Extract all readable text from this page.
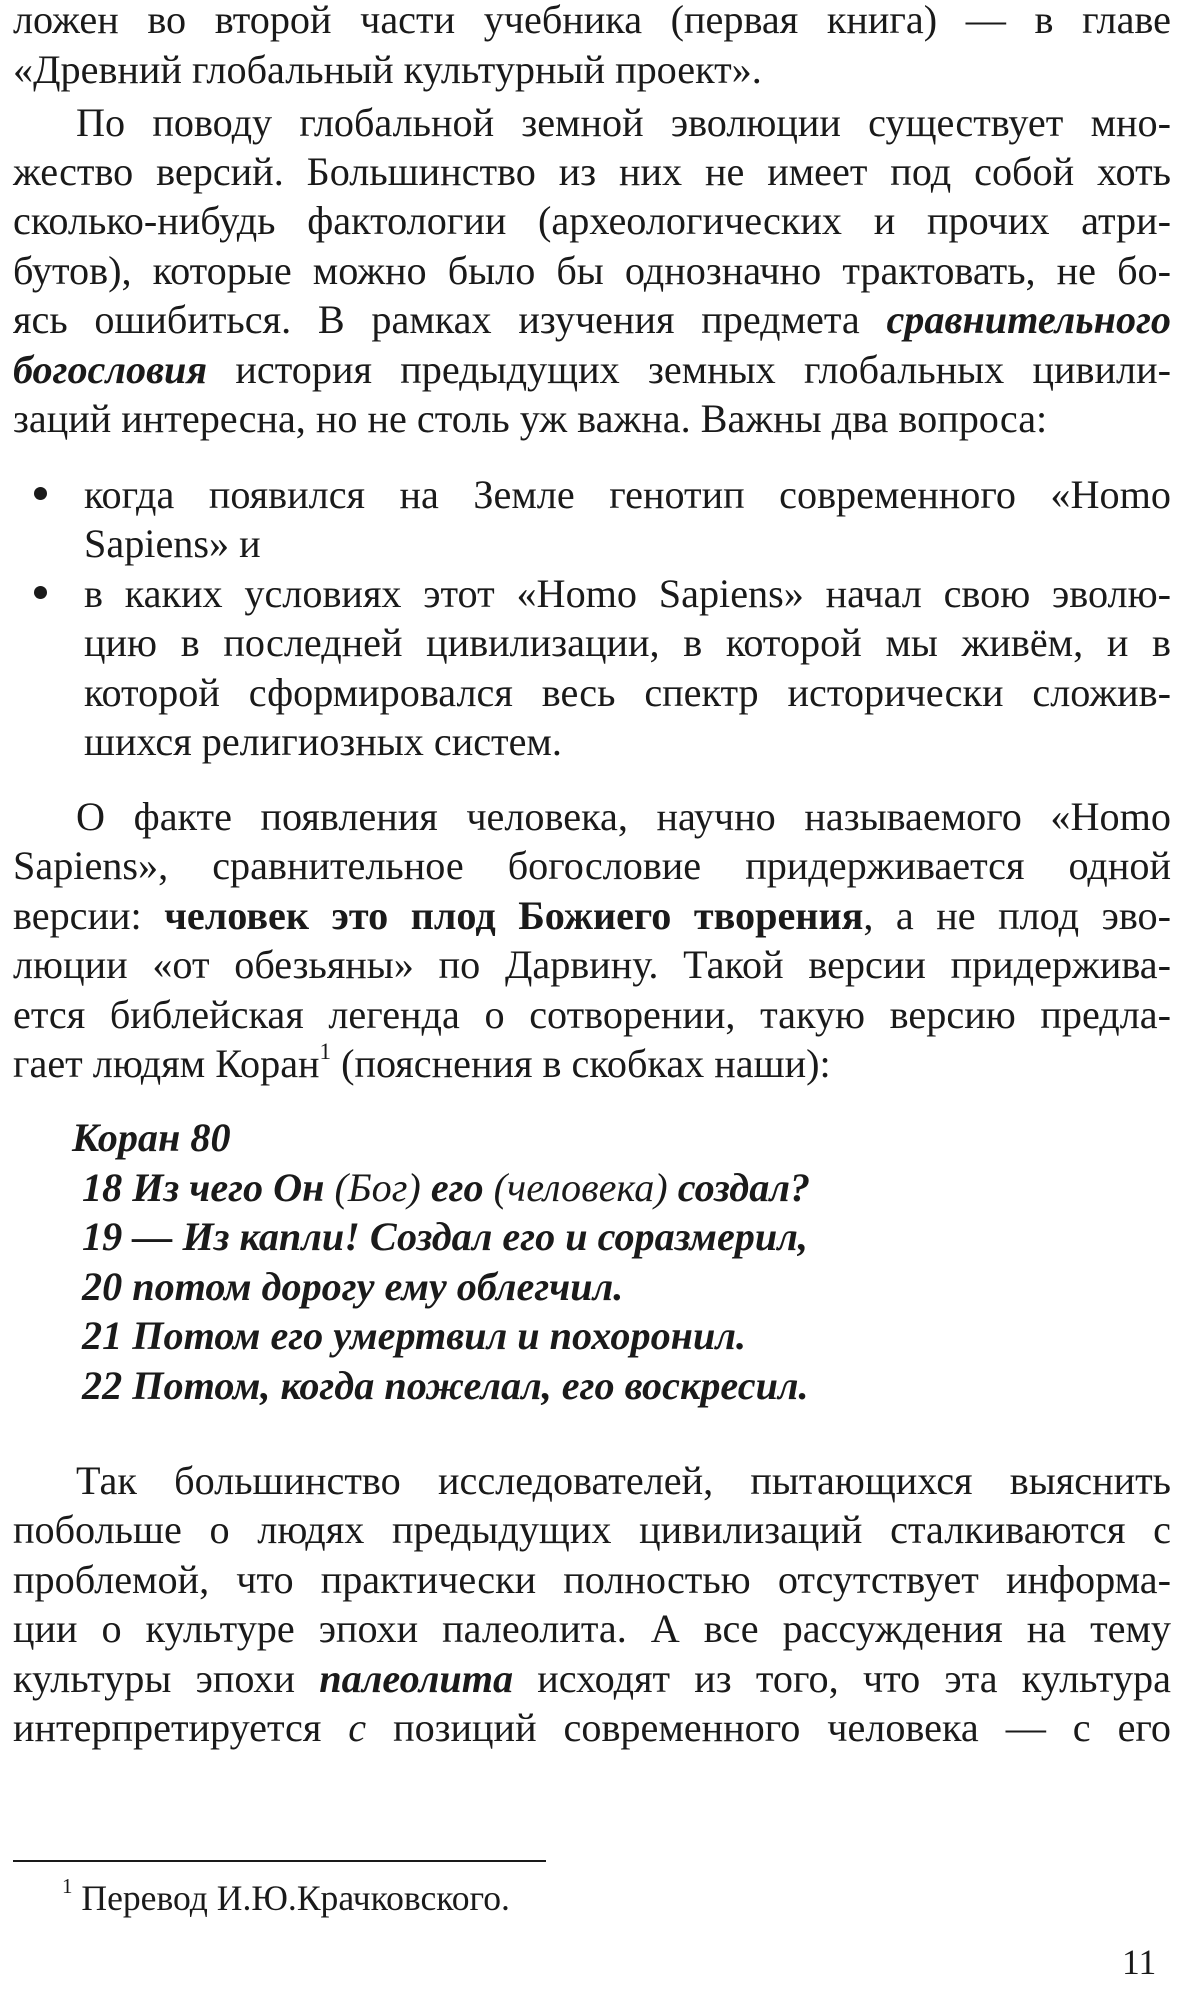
ложен во второй части учебника (первая книга) — в главе
«Древний глобальный культурный проект».
По поводу глобальной земной эволюции существует мно-
жество версий. Большинство из них не имеет под собой хоть
сколько-нибудь фактологии (археологических и прочих атри-
бутов), которые можно было бы однозначно трактовать, не бо-
ясь ошибиться. В рамках изучения предмета сравнительного
богословия история предыдущих земных глобальных цивили-
заций интересна, но не столь уж важна. Важны два вопроса:
когда появился на Земле генотип современного «Homo
Sapiens» и
в каких условиях этот «Homo Sapiens» начал свою эволю-
цию в последней цивилизации, в которой мы живём, и в
которой сформировался весь спектр исторически сложив-
шихся религиозных систем.
О факте появления человека, научно называемого «Homo
Sapiens», сравнительное богословие придерживается одной
версии: человек это плод Божиего творения, а не плод эво-
люции «от обезьяны» по Дарвину. Такой версии придержива-
ется библейская легенда о сотворении, такую версию предла-
гает людям Коран$^1$ (пояснения в скобках наши):
Коран 80
18 Из чего Он (Бог) его (человека) создал?
19 — Из капли! Создал его и соразмерил,
20 потом дорогу ему облегчил.
21 Потом его умертвил и похоронил.
22 Потом, когда пожелал, его воскресил.
Так большинство исследователей, пытающихся выяснить
побольше о людях предыдущих цивилизаций сталкиваются с
проблемой, что практически полностью отсутствует информа-
ции о культуре эпохи палеолита. А все рассуждения на тему
культуры эпохи палеолита исходят из того, что эта культура
интерпретируется с позиций современного человека — с его
$^1$ Перевод И.Ю.Крачковского.
11
